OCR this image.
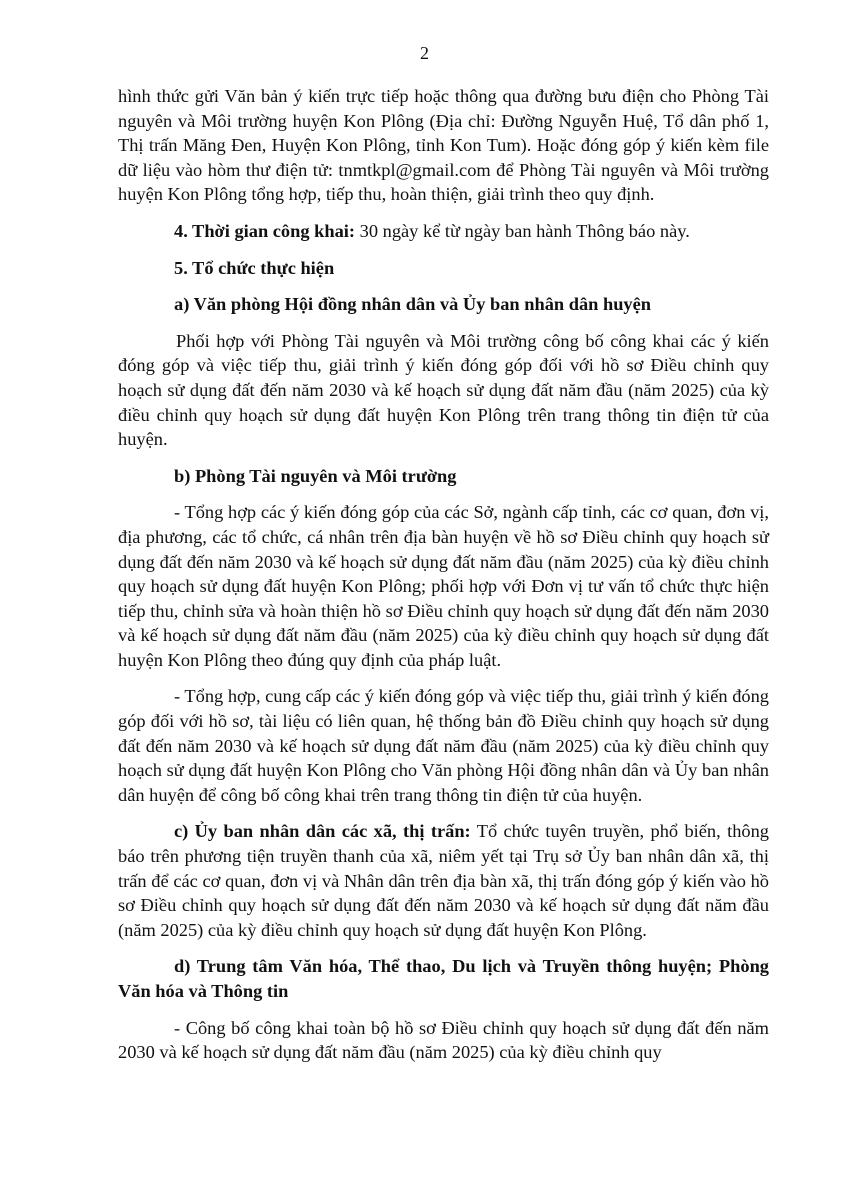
2

hình thức gửi Văn bản ý kiến trực tiếp hoặc thông qua đường bưu điện cho Phòng Tài nguyên và Môi trường huyện Kon Plông (Địa chỉ: Đường Nguyễn Huệ, Tổ dân phố 1, Thị trấn Măng Đen, Huyện Kon Plông, tỉnh Kon Tum). Hoặc đóng góp ý kiến kèm file dữ liệu vào hòm thư điện tử: tnmtkpl@gmail.com để Phòng Tài nguyên và Môi trường huyện Kon Plông tổng hợp, tiếp thu, hoàn thiện, giải trình theo quy định.

4. Thời gian công khai: 30 ngày kể từ ngày ban hành Thông báo này.

5. Tổ chức thực hiện

a) Văn phòng Hội đồng nhân dân và Ủy ban nhân dân huyện

Phối hợp với Phòng Tài nguyên và Môi trường công bố công khai các ý kiến đóng góp và việc tiếp thu, giải trình ý kiến đóng góp đối với hồ sơ Điều chỉnh quy hoạch sử dụng đất đến năm 2030 và kế hoạch sử dụng đất năm đầu (năm 2025) của kỳ điều chỉnh quy hoạch sử dụng đất huyện Kon Plông trên trang thông tin điện tử của huyện.

b) Phòng Tài nguyên và Môi trường

- Tổng hợp các ý kiến đóng góp của các Sở, ngành cấp tỉnh, các cơ quan, đơn vị, địa phương, các tổ chức, cá nhân trên địa bàn huyện về hồ sơ Điều chỉnh quy hoạch sử dụng đất đến năm 2030 và kế hoạch sử dụng đất năm đầu (năm 2025) của kỳ điều chỉnh quy hoạch sử dụng đất huyện Kon Plông; phối hợp với Đơn vị tư vấn tổ chức thực hiện tiếp thu, chỉnh sửa và hoàn thiện hồ sơ Điều chỉnh quy hoạch sử dụng đất đến năm 2030 và kế hoạch sử dụng đất năm đầu (năm 2025) của kỳ điều chỉnh quy hoạch sử dụng đất huyện Kon Plông theo đúng quy định của pháp luật.

- Tổng hợp, cung cấp các ý kiến đóng góp và việc tiếp thu, giải trình ý kiến đóng góp đối với hồ sơ, tài liệu có liên quan, hệ thống bản đồ Điều chỉnh quy hoạch sử dụng đất đến năm 2030 và kế hoạch sử dụng đất năm đầu (năm 2025) của kỳ điều chỉnh quy hoạch sử dụng đất huyện Kon Plông cho Văn phòng Hội đồng nhân dân và Ủy ban nhân dân huyện để công bố công khai trên trang thông tin điện tử của huyện.

c) Ủy ban nhân dân các xã, thị trấn: Tổ chức tuyên truyền, phổ biến, thông báo trên phương tiện truyền thanh của xã, niêm yết tại Trụ sở Ủy ban nhân dân xã, thị trấn để các cơ quan, đơn vị và Nhân dân trên địa bàn xã, thị trấn đóng góp ý kiến vào hồ sơ Điều chỉnh quy hoạch sử dụng đất đến năm 2030 và kế hoạch sử dụng đất năm đầu (năm 2025) của kỳ điều chỉnh quy hoạch sử dụng đất huyện Kon Plông.

d) Trung tâm Văn hóa, Thể thao, Du lịch và Truyền thông huyện; Phòng Văn hóa và Thông tin

- Công bố công khai toàn bộ hồ sơ Điều chỉnh quy hoạch sử dụng đất đến năm 2030 và kế hoạch sử dụng đất năm đầu (năm 2025) của kỳ điều chỉnh quy
